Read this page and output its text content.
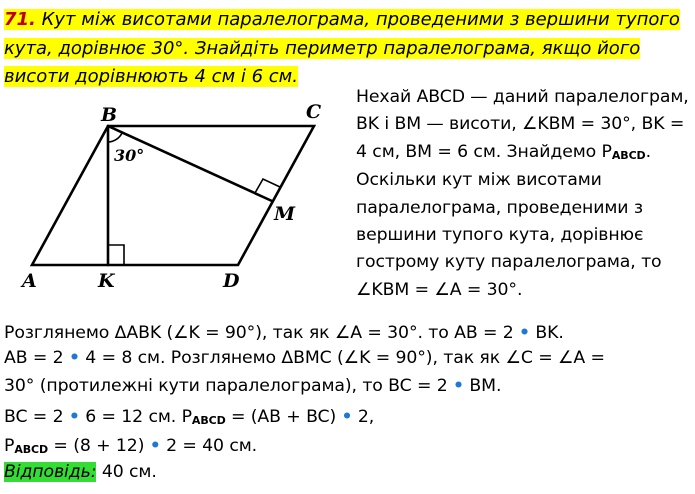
71. Кут між висотами паралелограма, проведеними з вершини тупого кута, дорівнює 30°. Знайдіть периметр паралелограма, якщо його висоти дорівнюють 4 см і 6 см.
B	C
A	K	D
M
30°
Нехай ABCD — даний паралелограм, BK і BM — висоти, ∠KBM = 30°, BK = 4 см, BM = 6 см. Знайдемо PABCD. Оскільки кут між висотами паралелограма, проведеними з вершини тупого кута, дорівнює гострому куту паралелограма, то ∠KBM = ∠A = 30°.
Розглянемо ΔABK (∠K = 90°), так як ∠A = 30°. то AB = 2 • BK.
AB = 2 • 4 = 8 см. Розглянемо ΔBMC (∠K = 90°), так як ∠C = ∠A =
30° (протилежні кути паралелограма), то BC = 2 • BM.
BC = 2 • 6 = 12 см. PABCD = (AB + BC) • 2,
PABCD = (8 + 12) • 2 = 40 см.
Відповідь: 40 см.
